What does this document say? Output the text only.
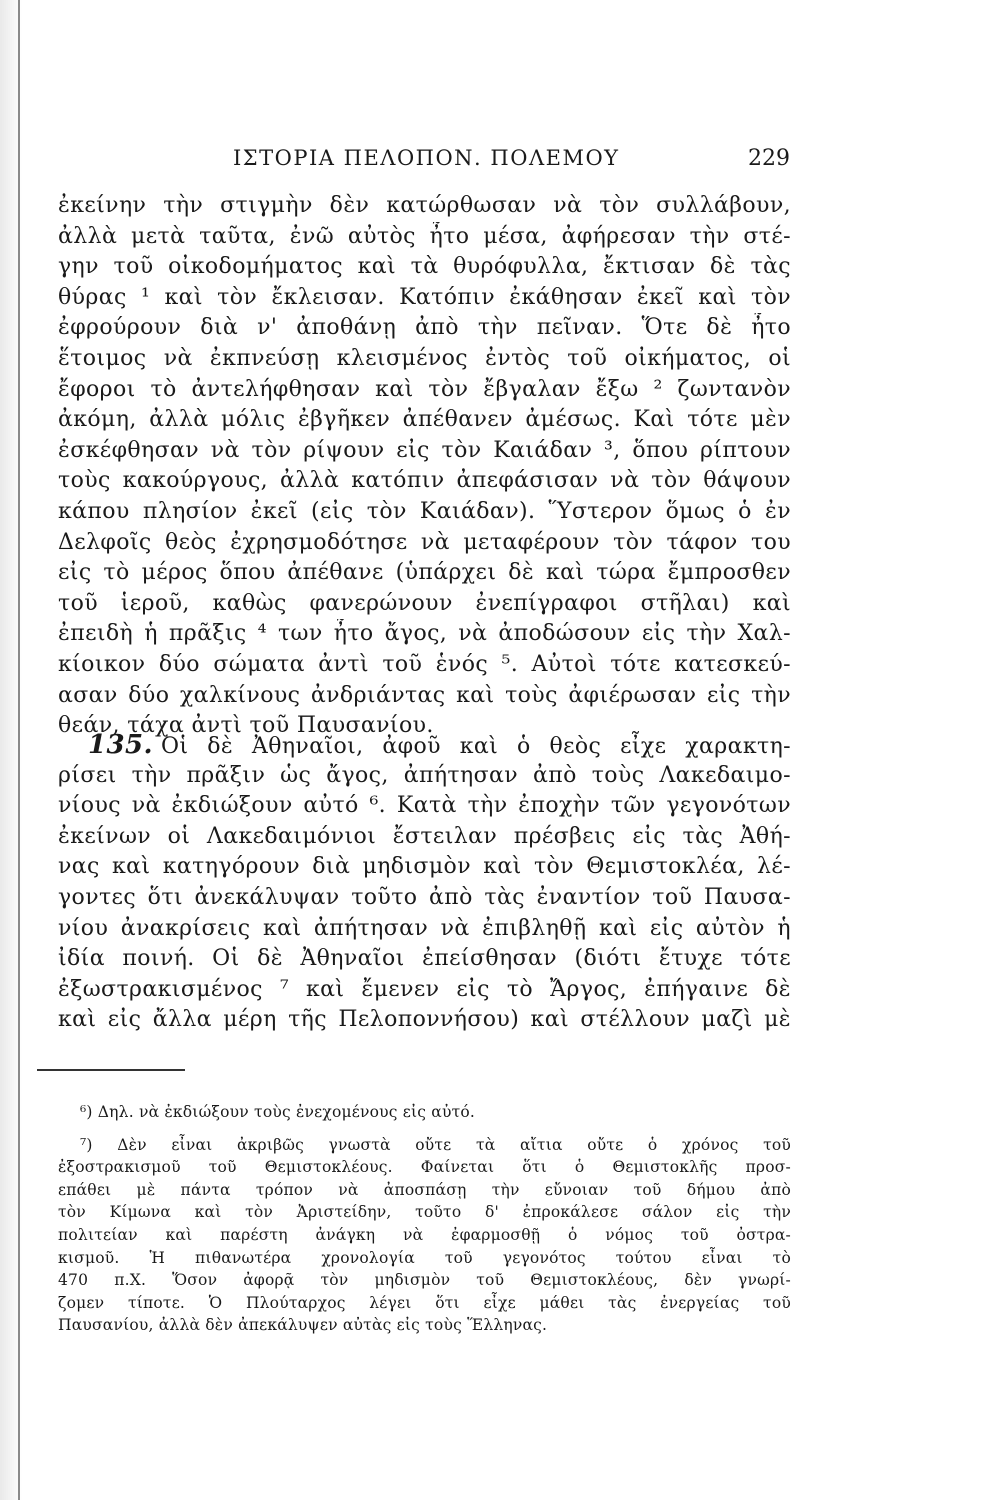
ΙΣΤΟΡΙΑ ΠΕΛΟΠΟΝ. ΠΟΛΕΜΟΥ	229
ἐκείνην τὴν στιγμὴν δὲν κατώρθωσαν νὰ τὸν συλλάβουν,
ἀλλὰ μετὰ ταῦτα, ἐνῶ αὐτὸς ἦτο μέσα, ἀφήρεσαν τὴν στέ-
γην τοῦ οἰκοδομήματος καὶ τὰ θυρόφυλλα, ἔκτισαν δὲ τὰς
θύρας ¹ καὶ τὸν ἔκλεισαν. Κατόπιν ἐκάθησαν ἐκεῖ καὶ τὸν
ἐφρούρουν διὰ ν' ἀποθάνῃ ἀπὸ τὴν πεῖναν. Ὅτε δὲ ἦτο
ἕτοιμος νὰ ἐκπνεύσῃ κλεισμένος ἐντὸς τοῦ οἰκήματος, οἱ
ἔφοροι τὸ ἀντελήφθησαν καὶ τὸν ἔβγαλαν ἔξω ² ζωντανὸν
ἀκόμη, ἀλλὰ μόλις ἐβγῆκεν ἀπέθανεν ἀμέσως. Καὶ τότε μὲν
ἐσκέφθησαν νὰ τὸν ρίψουν εἰς τὸν Καιάδαν ³, ὅπου ρίπτουν
τοὺς κακούργους, ἀλλὰ κατόπιν ἀπεφάσισαν νὰ τὸν θάψουν
κάπου πλησίον ἐκεῖ (εἰς τὸν Καιάδαν). Ὕστερον ὅμως ὁ ἐν
Δελφοῖς θεὸς ἐχρησμοδότησε νὰ μεταφέρουν τὸν τάφον του
εἰς τὸ μέρος ὅπου ἀπέθανε (ὑπάρχει δὲ καὶ τώρα ἔμπροσθεν
τοῦ ἱεροῦ, καθὼς φανερώνουν ἐνεπίγραφοι στῆλαι) καὶ
ἐπειδὴ ἡ πρᾶξις ⁴ των ἦτο ἄγος, νὰ ἀποδώσουν εἰς τὴν Χαλ-
κίοικον δύο σώματα ἀντὶ τοῦ ἑνός ⁵. Αὐτοὶ τότε κατεσκεύ-
ασαν δύο χαλκίνους ἀνδριάντας καὶ τοὺς ἀφιέρωσαν εἰς τὴν
θεάν, τάχα ἀντὶ τοῦ Παυσανίου.
135. Οἱ δὲ Ἀθηναῖοι, ἀφοῦ καὶ ὁ θεὸς εἶχε χαρακτη-
ρίσει τὴν πρᾶξιν ὡς ἄγος, ἀπήτησαν ἀπὸ τοὺς Λακεδαιμο-
νίους νὰ ἐκδιώξουν αὐτό ⁶. Κατὰ τὴν ἐποχὴν τῶν γεγονότων
ἐκείνων οἱ Λακεδαιμόνιοι ἔστειλαν πρέσβεις εἰς τὰς Ἀθή-
νας καὶ κατηγόρουν διὰ μηδισμὸν καὶ τὸν Θεμιστοκλέα, λέ-
γοντες ὅτι ἀνεκάλυψαν τοῦτο ἀπὸ τὰς ἐναντίον τοῦ Παυσα-
νίου ἀνακρίσεις καὶ ἀπήτησαν νὰ ἐπιβληθῇ καὶ εἰς αὐτὸν ἡ
ἰδία ποινή. Οἱ δὲ Ἀθηναῖοι ἐπείσθησαν (διότι ἔτυχε τότε
ἐξωστρακισμένος ⁷ καὶ ἔμενεν εἰς τὸ Ἄργος, ἐπήγαινε δὲ
καὶ εἰς ἄλλα μέρη τῆς Πελοποννήσου) καὶ στέλλουν μαζὶ μὲ
⁶) Δηλ. νὰ ἐκδιώξουν τοὺς ἐνεχομένους εἰς αὐτό.
⁷) Δὲν εἶναι ἀκριβῶς γνωστὰ οὔτε τὰ αἴτια οὔτε ὁ χρόνος τοῦ
ἐξοστρακισμοῦ τοῦ Θεμιστοκλέους. Φαίνεται ὅτι ὁ Θεμιστοκλῆς προσ-
επάθει μὲ πάντα τρόπον νὰ ἀποσπάσῃ τὴν εὔνοιαν τοῦ δήμου ἀπὸ
τὸν Κίμωνα καὶ τὸν Ἀριστείδην, τοῦτο δ' ἐπροκάλεσε σάλον εἰς τὴν
πολιτείαν καὶ παρέστη ἀνάγκη νὰ ἐφαρμοσθῇ ὁ νόμος τοῦ ὀστρα-
κισμοῦ. Ἡ πιθανωτέρα χρονολογία τοῦ γεγονότος τούτου εἶναι τὸ
470 π.Χ. Ὅσον ἀφορᾷ τὸν μηδισμὸν τοῦ Θεμιστοκλέους, δὲν γνωρί-
ζομεν τίποτε. Ὁ Πλούταρχος λέγει ὅτι εἶχε μάθει τὰς ἐνεργείας τοῦ
Παυσανίου, ἀλλὰ δὲν ἀπεκάλυψεν αὐτὰς εἰς τοὺς Ἕλληνας.
